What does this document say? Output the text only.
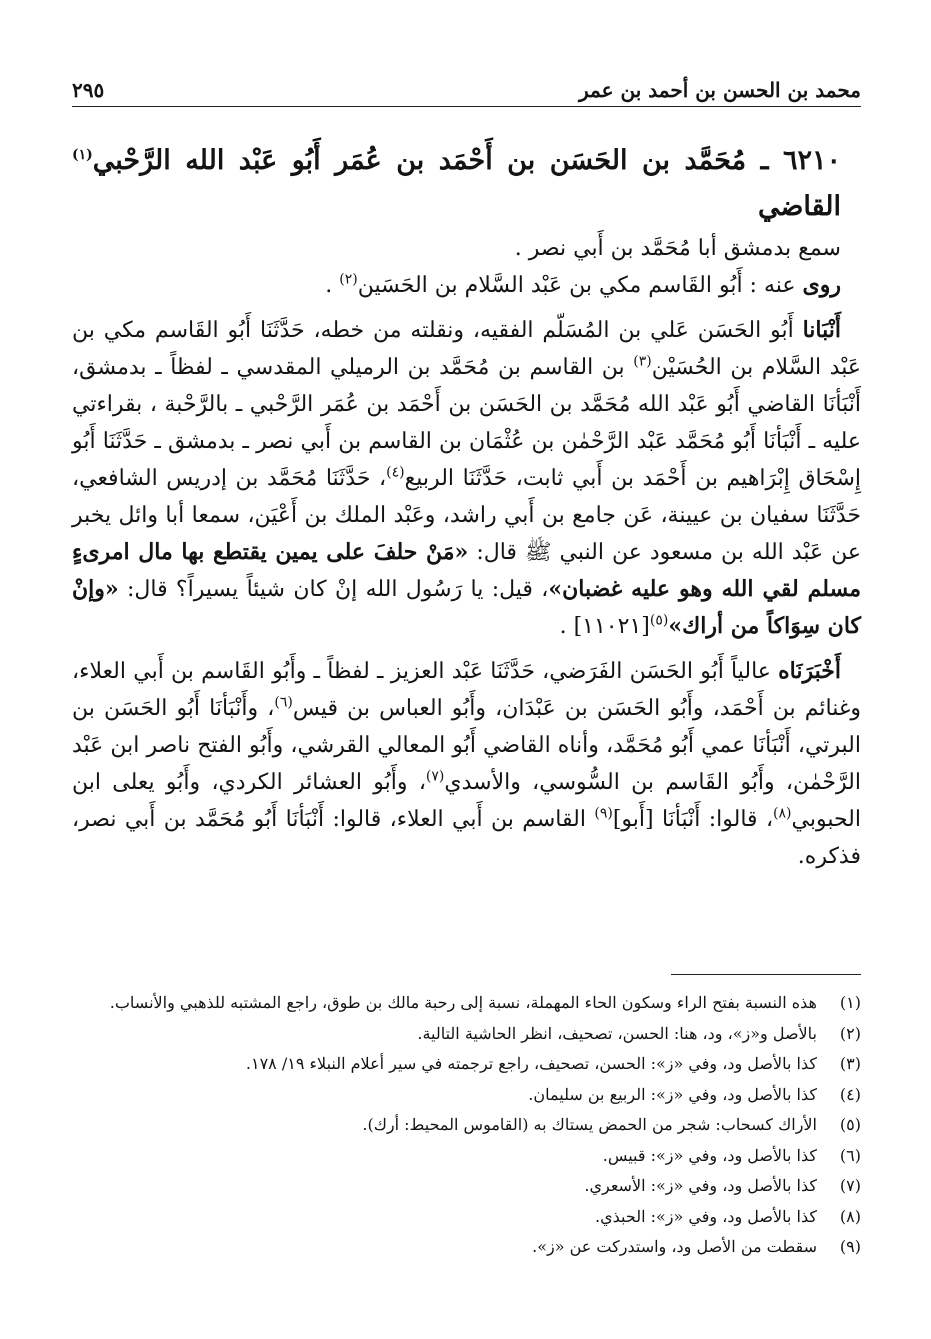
محمد بن الحسن بن أحمد بن عمر
٢٩٥
٦٢١٠ ـ مُحَمَّد بن الحَسَن بن أَحْمَد بن عُمَر أَبُو عَبْد الله الرَّحْبي$^{(١)}$ القاضي

سمع بدمشق أبا مُحَمَّد بن أَبي نصر .

روى عنه : أَبُو القَاسم مكي بن عَبْد السَّلام بن الحَسَين$^{(٢)}$ .

أَنْبَانا أَبُو الحَسَن عَلي بن المُسَلّم الفقيه، ونقلته من خطه، حَدَّثَنَا أَبُو القَاسم مكي بن عَبْد السَّلام بن الحُسَيْن$^{(٣)}$ بن القاسم بن مُحَمَّد بن الرميلي المقدسي ـ لفظاً ـ بدمشق، أَنْبَأنَا القاضي أَبُو عَبْد الله مُحَمَّد بن الحَسَن بن أَحْمَد بن عُمَر الرَّحْبي ـ بالرَّحْبة ، بقراءتي عليه ـ أَنْبَأنَا أَبُو مُحَمَّد عَبْد الرَّحْمٰن بن عُثْمَان بن القاسم بن أَبي نصر ـ بدمشق ـ حَدَّثَنَا أَبُو إِسْحَاق إِبْرَاهيم بن أَحْمَد بن أَبي ثابت، حَدَّثَنَا الربيع$^{(٤)}$، حَدَّثَنَا مُحَمَّد بن إدريس الشافعي، حَدَّثَنَا سفيان بن عيينة، عَن جامع بن أَبي راشد، وعَبْد الملك بن أَعْيَن، سمعا أبا وائل يخبر عن عَبْد الله بن مسعود عن النبي ﷺ قال: «مَنْ حلفَ على يمين يقتطع بها مال امرىءٍ مسلم لقي الله وهو عليه غضبان»، قيل: يا رَسُول الله إنْ كان شيئاً يسيراً؟ قال: «وإنْ كان سِوَاكاً من أراك»$^{(٥)}$[١١٠٢١] .

أَخْبَرَنَاه عالياً أَبُو الحَسَن الفَرَضي، حَدَّثَنَا عَبْد العزيز ـ لفظاً ـ وأَبُو القَاسم بن أَبي العلاء، وغنائم بن أَحْمَد، وأَبُو الحَسَن بن عَبْدَان، وأَبُو العباس بن قيس$^{(٦)}$، وأَنْبَأنَا أَبُو الحَسَن بن البرتي، أَنْبَأنَا عمي أَبُو مُحَمَّد، وأناه القاضي أَبُو المعالي القرشي، وأَبُو الفتح ناصر ابن عَبْد الرَّحْمٰن، وأَبُو القَاسم بن السُّوسي، والأسدي$^{(٧)}$، وأَبُو العشائر الكردي، وأَبُو يعلى ابن الحبوبي$^{(٨)}$، قالوا: أَنْبَأنَا [أَبو]$^{(٩)}$ القاسم بن أَبي العلاء، قالوا: أَنْبَأنَا أَبُو مُحَمَّد بن أَبي نصر، فذكره.

(١)هذه النسبة بفتح الراء وسكون الحاء المهملة، نسبة إلى رحبة مالك بن طوق، راجع المشتبه للذهبي والأنساب.
(٢)بالأصل و«ز»، ود، هنا: الحسن، تصحيف، انظر الحاشية التالية.
(٣)كذا بالأصل ود، وفي «ز»: الحسن، تصحيف، راجع ترجمته في سير أعلام النبلاء ١٩/ ١٧٨.
(٤)كذا بالأصل ود، وفي «ز»: الربيع بن سليمان.
(٥)الأراك كسحاب: شجر من الحمض يستاك به (القاموس المحيط: أرك).
(٦)كذا بالأصل ود، وفي «ز»: قبيس.
(٧)كذا بالأصل ود، وفي «ز»: الأسعري.
(٨)كذا بالأصل ود، وفي «ز»: الحبذي.
(٩)سقطت من الأصل ود، واستدركت عن «ز».
